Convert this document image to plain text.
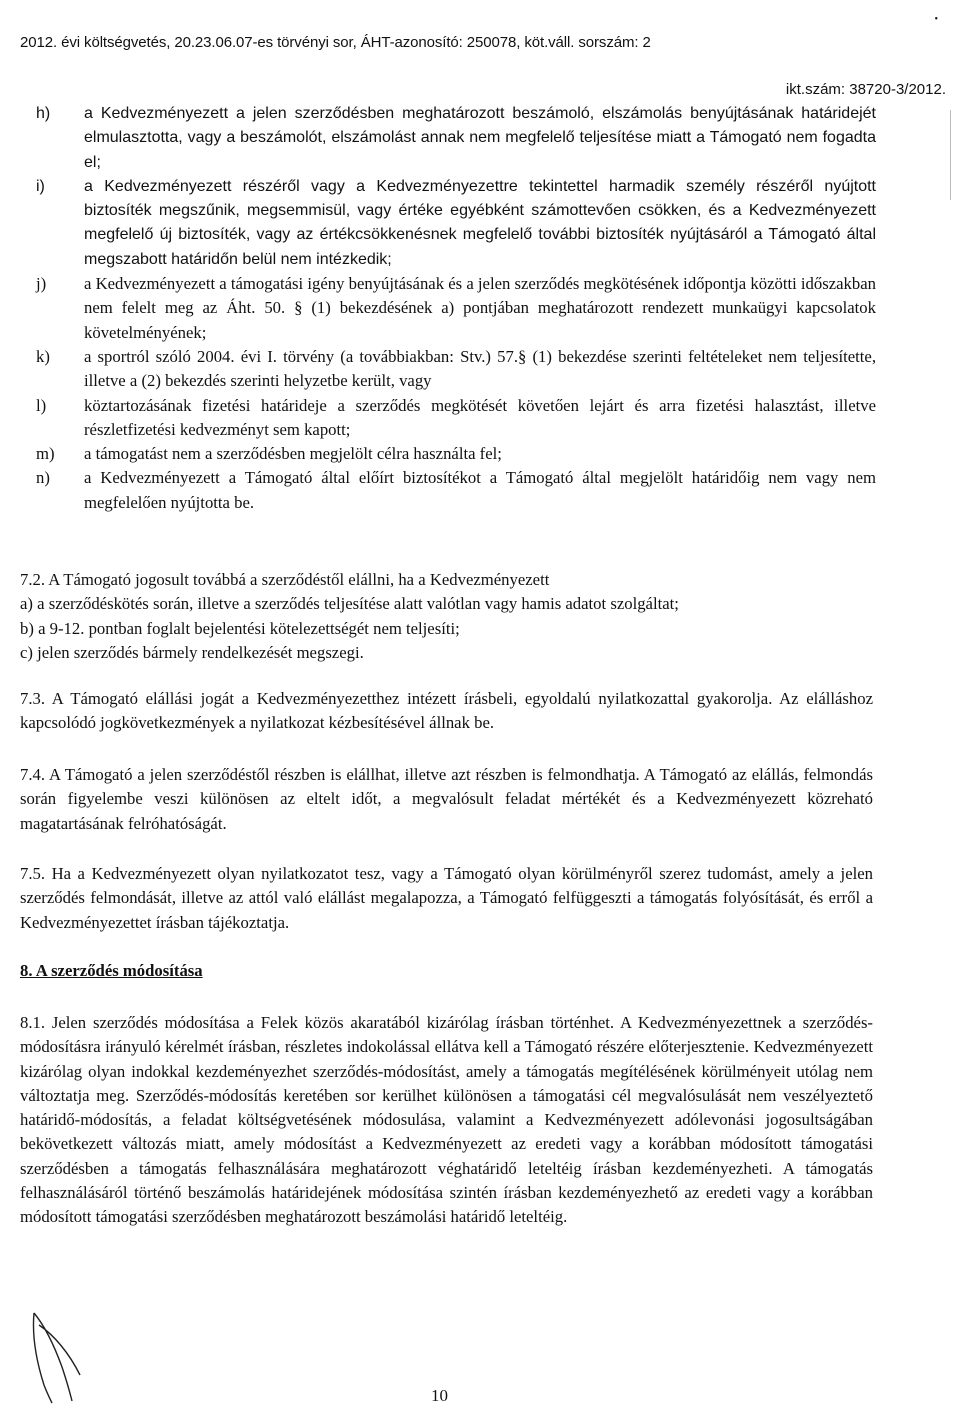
•
2012. évi költségvetés, 20.23.06.07-es törvényi sor, ÁHT-azonosító: 250078, köt.váll. sorszám: 2
ikt.szám: 38720-3/2012.
h) a Kedvezményezett a jelen szerződésben meghatározott beszámoló, elszámolás benyújtásának határidejét elmulasztotta, vagy a beszámolót, elszámolást annak nem megfelelő teljesítése miatt a Támogató nem fogadta el;
i) a Kedvezményezett részéről vagy a Kedvezményezettre tekintettel harmadik személy részéről nyújtott biztosíték megszűnik, megsemmisül, vagy értéke egyébként számottevően csökken, és a Kedvezményezett megfelelő új biztosíték, vagy az értékcsökkenésnek megfelelő további biztosíték nyújtásáról a Támogató által megszabott határidőn belül nem intézkedik;
j) a Kedvezményezett a támogatási igény benyújtásának és a jelen szerződés megkötésének időpontja közötti időszakban nem felelt meg az Áht. 50. § (1) bekezdésének a) pontjában meghatározott rendezett munkaügyi kapcsolatok követelményének;
k) a sportról szóló 2004. évi I. törvény (a továbbiakban: Stv.) 57.§ (1) bekezdése szerinti feltételeket nem teljesítette, illetve a (2) bekezdés szerinti helyzetbe került, vagy
l) köztartozásának fizetési határideje a szerződés megkötését követően lejárt és arra fizetési halasztást, illetve részletfizetési kedvezményt sem kapott;
m) a támogatást nem a szerződésben megjelölt célra használta fel;
n) a Kedvezményezett a Támogató által előírt biztosítékot a Támogató által megjelölt határidőig nem vagy nem megfelelően nyújtotta be.

7.2. A Támogató jogosult továbbá a szerződéstől elállni, ha a Kedvezményezett

a) a szerződéskötés során, illetve a szerződés teljesítése alatt valótlan vagy hamis adatot szolgáltat;

b) a 9-12. pontban foglalt bejelentési kötelezettségét nem teljesíti;

c) jelen szerződés bármely rendelkezését megszegi.

7.3. A Támogató elállási jogát a Kedvezményezetthez intézett írásbeli, egyoldalú nyilatkozattal gyakorolja. Az elálláshoz kapcsolódó jogkövetkezmények a nyilatkozat kézbesítésével állnak be.

7.4. A Támogató a jelen szerződéstől részben is elállhat, illetve azt részben is felmondhatja. A Támogató az elállás, felmondás során figyelembe veszi különösen az eltelt időt, a megvalósult feladat mértékét és a Kedvezményezett közreható magatartásának felróhatóságát.

7.5. Ha a Kedvezményezett olyan nyilatkozatot tesz, vagy a Támogató olyan körülményről szerez tudomást, amely a jelen szerződés felmondását, illetve az attól való elállást megalapozza, a Támogató felfüggeszti a támogatás folyósítását, és erről a Kedvezményezettet írásban tájékoztatja.

8. A szerződés módosítása

8.1. Jelen szerződés módosítása a Felek közös akaratából kizárólag írásban történhet. A Kedvezményezettnek a szerződés-módosításra irányuló kérelmét írásban, részletes indokolással ellátva kell a Támogató részére előterjesztenie. Kedvezményezett kizárólag olyan indokkal kezdeményezhet szerződés-módosítást, amely a támogatás megítélésének körülményeit utólag nem változtatja meg. Szerződés-módosítás keretében sor kerülhet különösen a támogatási cél megvalósulását nem veszélyeztető határidő-módosítás, a feladat költségvetésének módosulása, valamint a Kedvezményezett adólevonási jogosultságában bekövetkezett változás miatt, amely módosítást a Kedvezményezett az eredeti vagy a korábban módosított támogatási szerződésben a támogatás felhasználására meghatározott véghatáridő leteltéig írásban kezdeményezheti. A támogatás felhasználásáról történő beszámolás határidejének módosítása szintén írásban kezdeményezhető az eredeti vagy a korábban módosított támogatási szerződésben meghatározott beszámolási határidő leteltéig.

10
